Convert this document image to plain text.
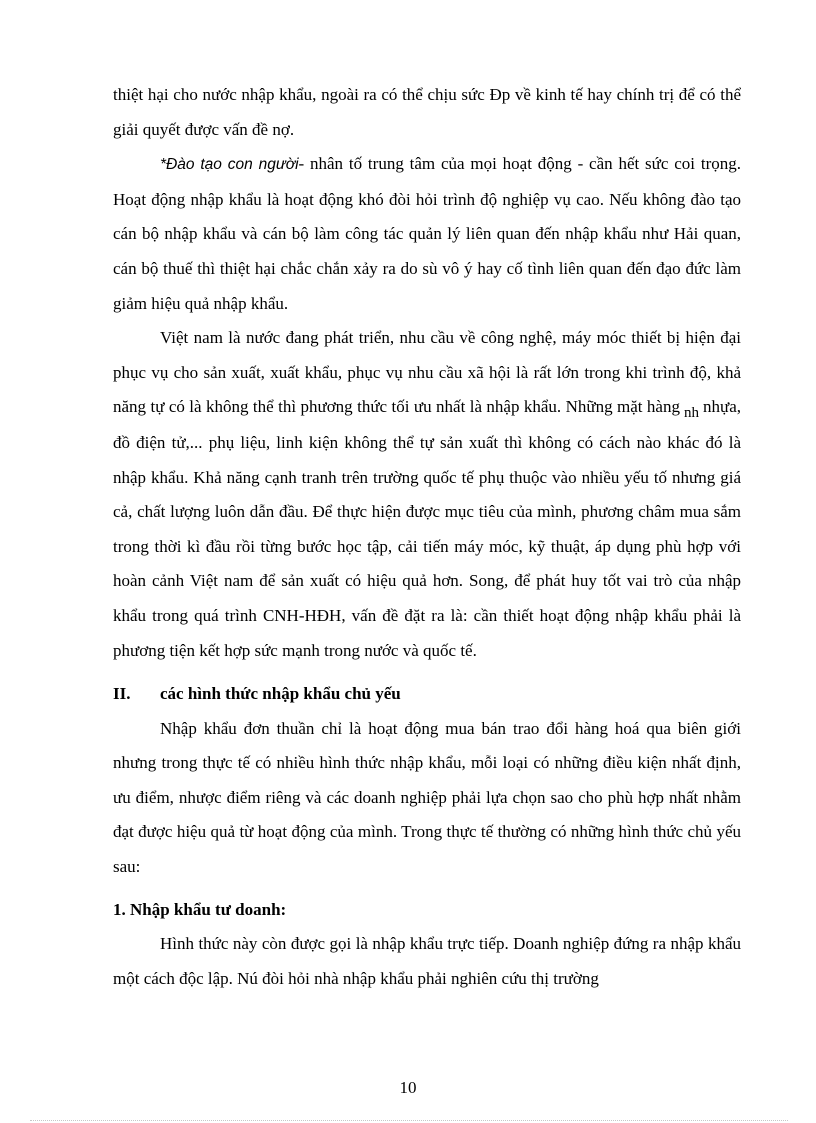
thiệt hại cho nước nhập khẩu, ngoài ra có thể chịu sức Đp về kinh tế hay chính trị để có thể giải quyết được vấn đề nợ.

*Đào tạo con người- nhân tố trung tâm của mọi hoạt động - cần hết sức coi trọng. Hoạt động nhập khẩu là hoạt động khó đòi hỏi trình độ nghiệp vụ cao. Nếu không đào tạo cán bộ nhập khẩu và cán bộ làm công tác quản lý liên quan đến nhập khẩu như Hải quan, cán bộ thuế thì thiệt hại chắc chắn xảy ra do sù vô ý hay cố tình liên quan đến đạo đức làm giảm hiệu quả nhập khẩu.

Việt nam là nước đang phát triển, nhu cầu về công nghệ, máy móc thiết bị hiện đại phục vụ cho sản xuất, xuất khẩu, phục vụ nhu cầu xã hội là rất lớn trong khi trình độ, khả năng tự có là không thể thì phương thức tối ưu nhất là nhập khẩu. Những mặt hàng nh nhựa, đồ điện tử,... phụ liệu, linh kiện không thể tự sản xuất thì không có cách nào khác đó là nhập khẩu. Khả năng cạnh tranh trên trường quốc tế phụ thuộc vào nhiều yếu tố nhưng giá cả, chất lượng luôn dẫn đầu. Để thực hiện được mục tiêu của mình, phương châm mua sắm trong thời kì đầu rồi từng bước học tập, cải tiến máy móc, kỹ thuật, áp dụng phù hợp với hoàn cảnh Việt nam để sản xuất có hiệu quả hơn. Song, để phát huy tốt vai trò của nhập khẩu trong quá trình CNH-HĐH, vấn đề đặt ra là: cần thiết hoạt động nhập khẩu phải là phương tiện kết hợp sức mạnh trong nước và quốc tế.

II. các hình thức nhập khẩu chủ yếu

Nhập khẩu đơn thuần chỉ là hoạt động mua bán trao đổi hàng hoá qua biên giới nhưng trong thực tế có nhiều hình thức nhập khẩu, mỗi loại có những điều kiện nhất định, ưu điểm, nhược điểm riêng và các doanh nghiệp phải lựa chọn sao cho phù hợp nhất nhằm đạt được hiệu quả từ hoạt động của mình. Trong thực tế thường có những hình thức chủ yếu sau:

1. Nhập khẩu tư doanh:

Hình thức này còn được gọi là nhập khẩu trực tiếp. Doanh nghiệp đứng ra nhập khẩu một cách độc lập. Nú đòi hỏi nhà nhập khẩu phải nghiên cứu thị trường

10
